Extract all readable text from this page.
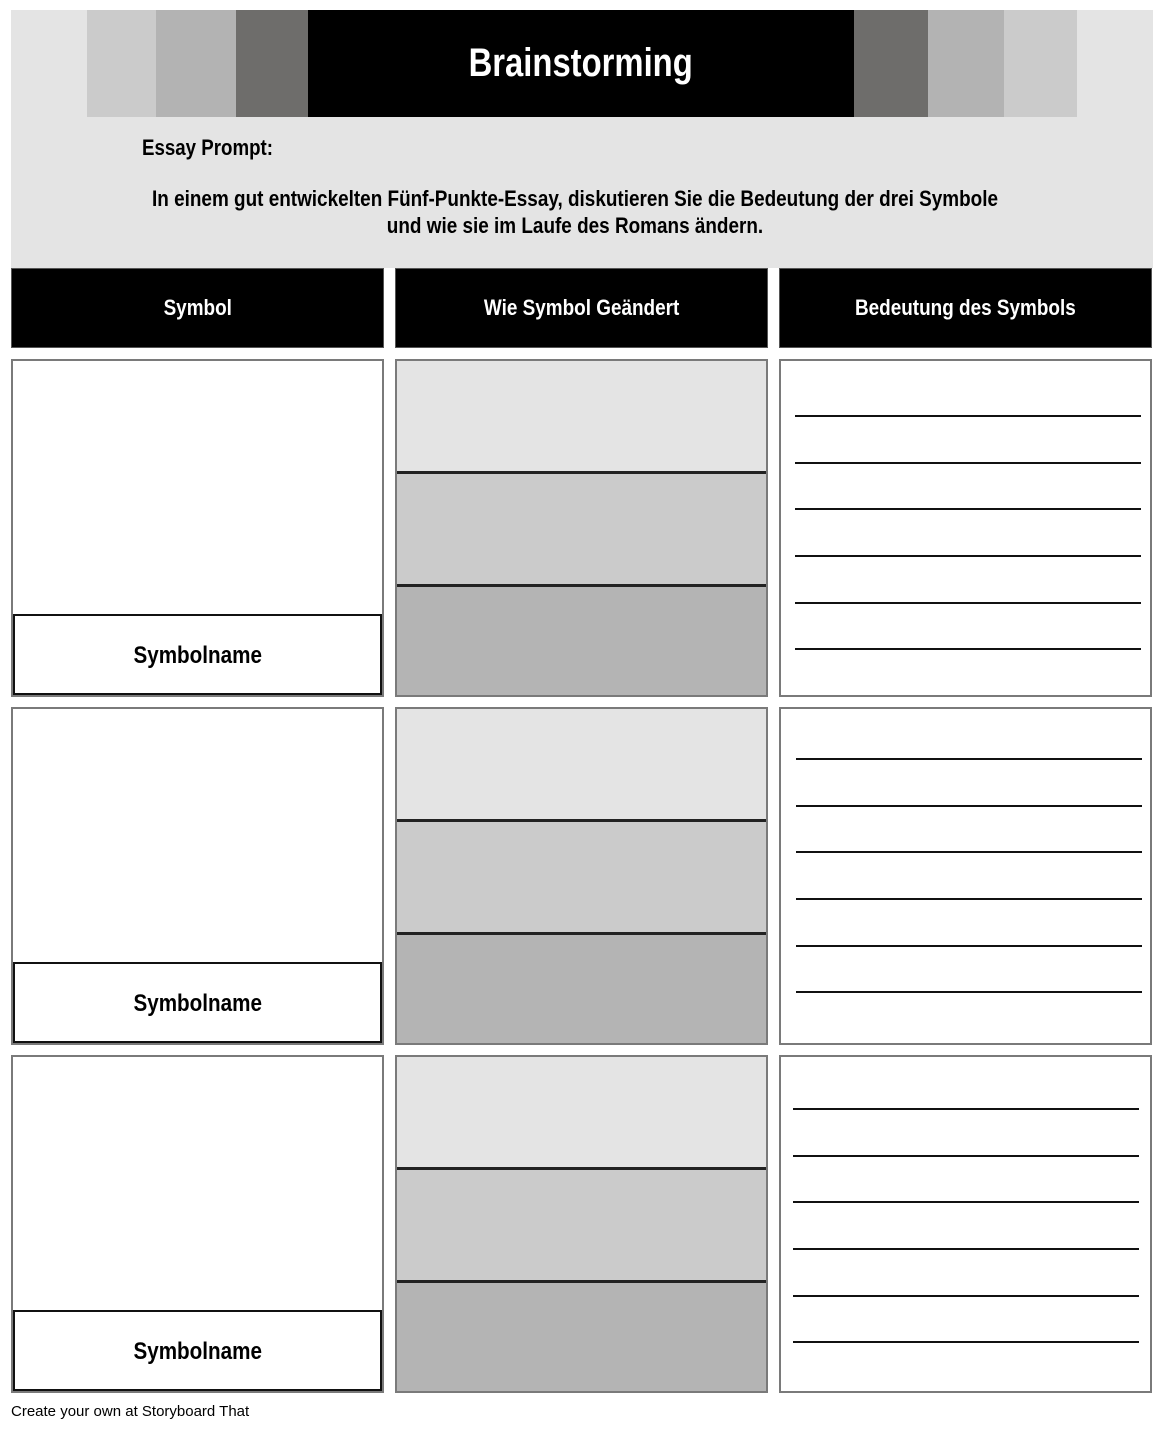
Brainstorming
Essay Prompt:
In einem gut entwickelten Fünf-Punkte-Essay, diskutieren Sie die Bedeutung der drei Symbole und wie sie im Laufe des Romans ändern.
Symbol	Wie Symbol Geändert	Bedeutung des Symbols
Symbolname
Symbolname
Symbolname
Create your own at Storyboard That
